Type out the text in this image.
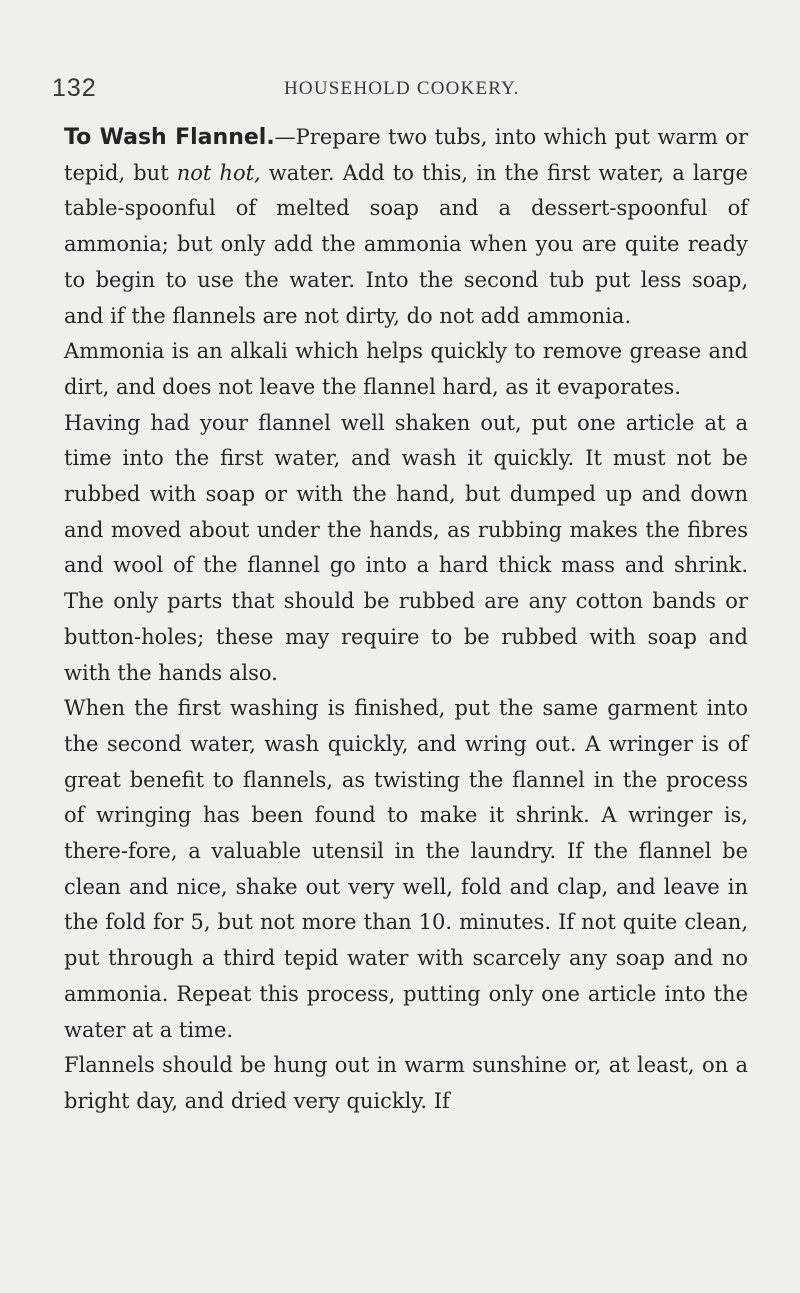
132	HOUSEHOLD COOKERY.

To Wash Flannel.—Prepare two tubs, into which put warm or tepid, but not hot, water. Add to this, in the first water, a large table-spoonful of melted soap and a dessert-spoonful of ammonia; but only add the ammonia when you are quite ready to begin to use the water. Into the second tub put less soap, and if the flannels are not dirty, do not add ammonia.

Ammonia is an alkali which helps quickly to remove grease and dirt, and does not leave the flannel hard, as it evaporates.

Having had your flannel well shaken out, put one article at a time into the first water, and wash it quickly. It must not be rubbed with soap or with the hand, but dumped up and down and moved about under the hands, as rubbing makes the fibres and wool of the flannel go into a hard thick mass and shrink. The only parts that should be rubbed are any cotton bands or button-holes; these may require to be rubbed with soap and with the hands also.

When the first washing is finished, put the same garment into the second water, wash quickly, and wring out. A wringer is of great benefit to flannels, as twisting the flannel in the process of wringing has been found to make it shrink. A wringer is, there-fore, a valuable utensil in the laundry. If the flannel be clean and nice, shake out very well, fold and clap, and leave in the fold for 5, but not more than 10. minutes. If not quite clean, put through a third tepid water with scarcely any soap and no ammonia. Repeat this process, putting only one article into the water at a time.

Flannels should be hung out in warm sunshine or, at least, on a bright day, and dried very quickly. If
